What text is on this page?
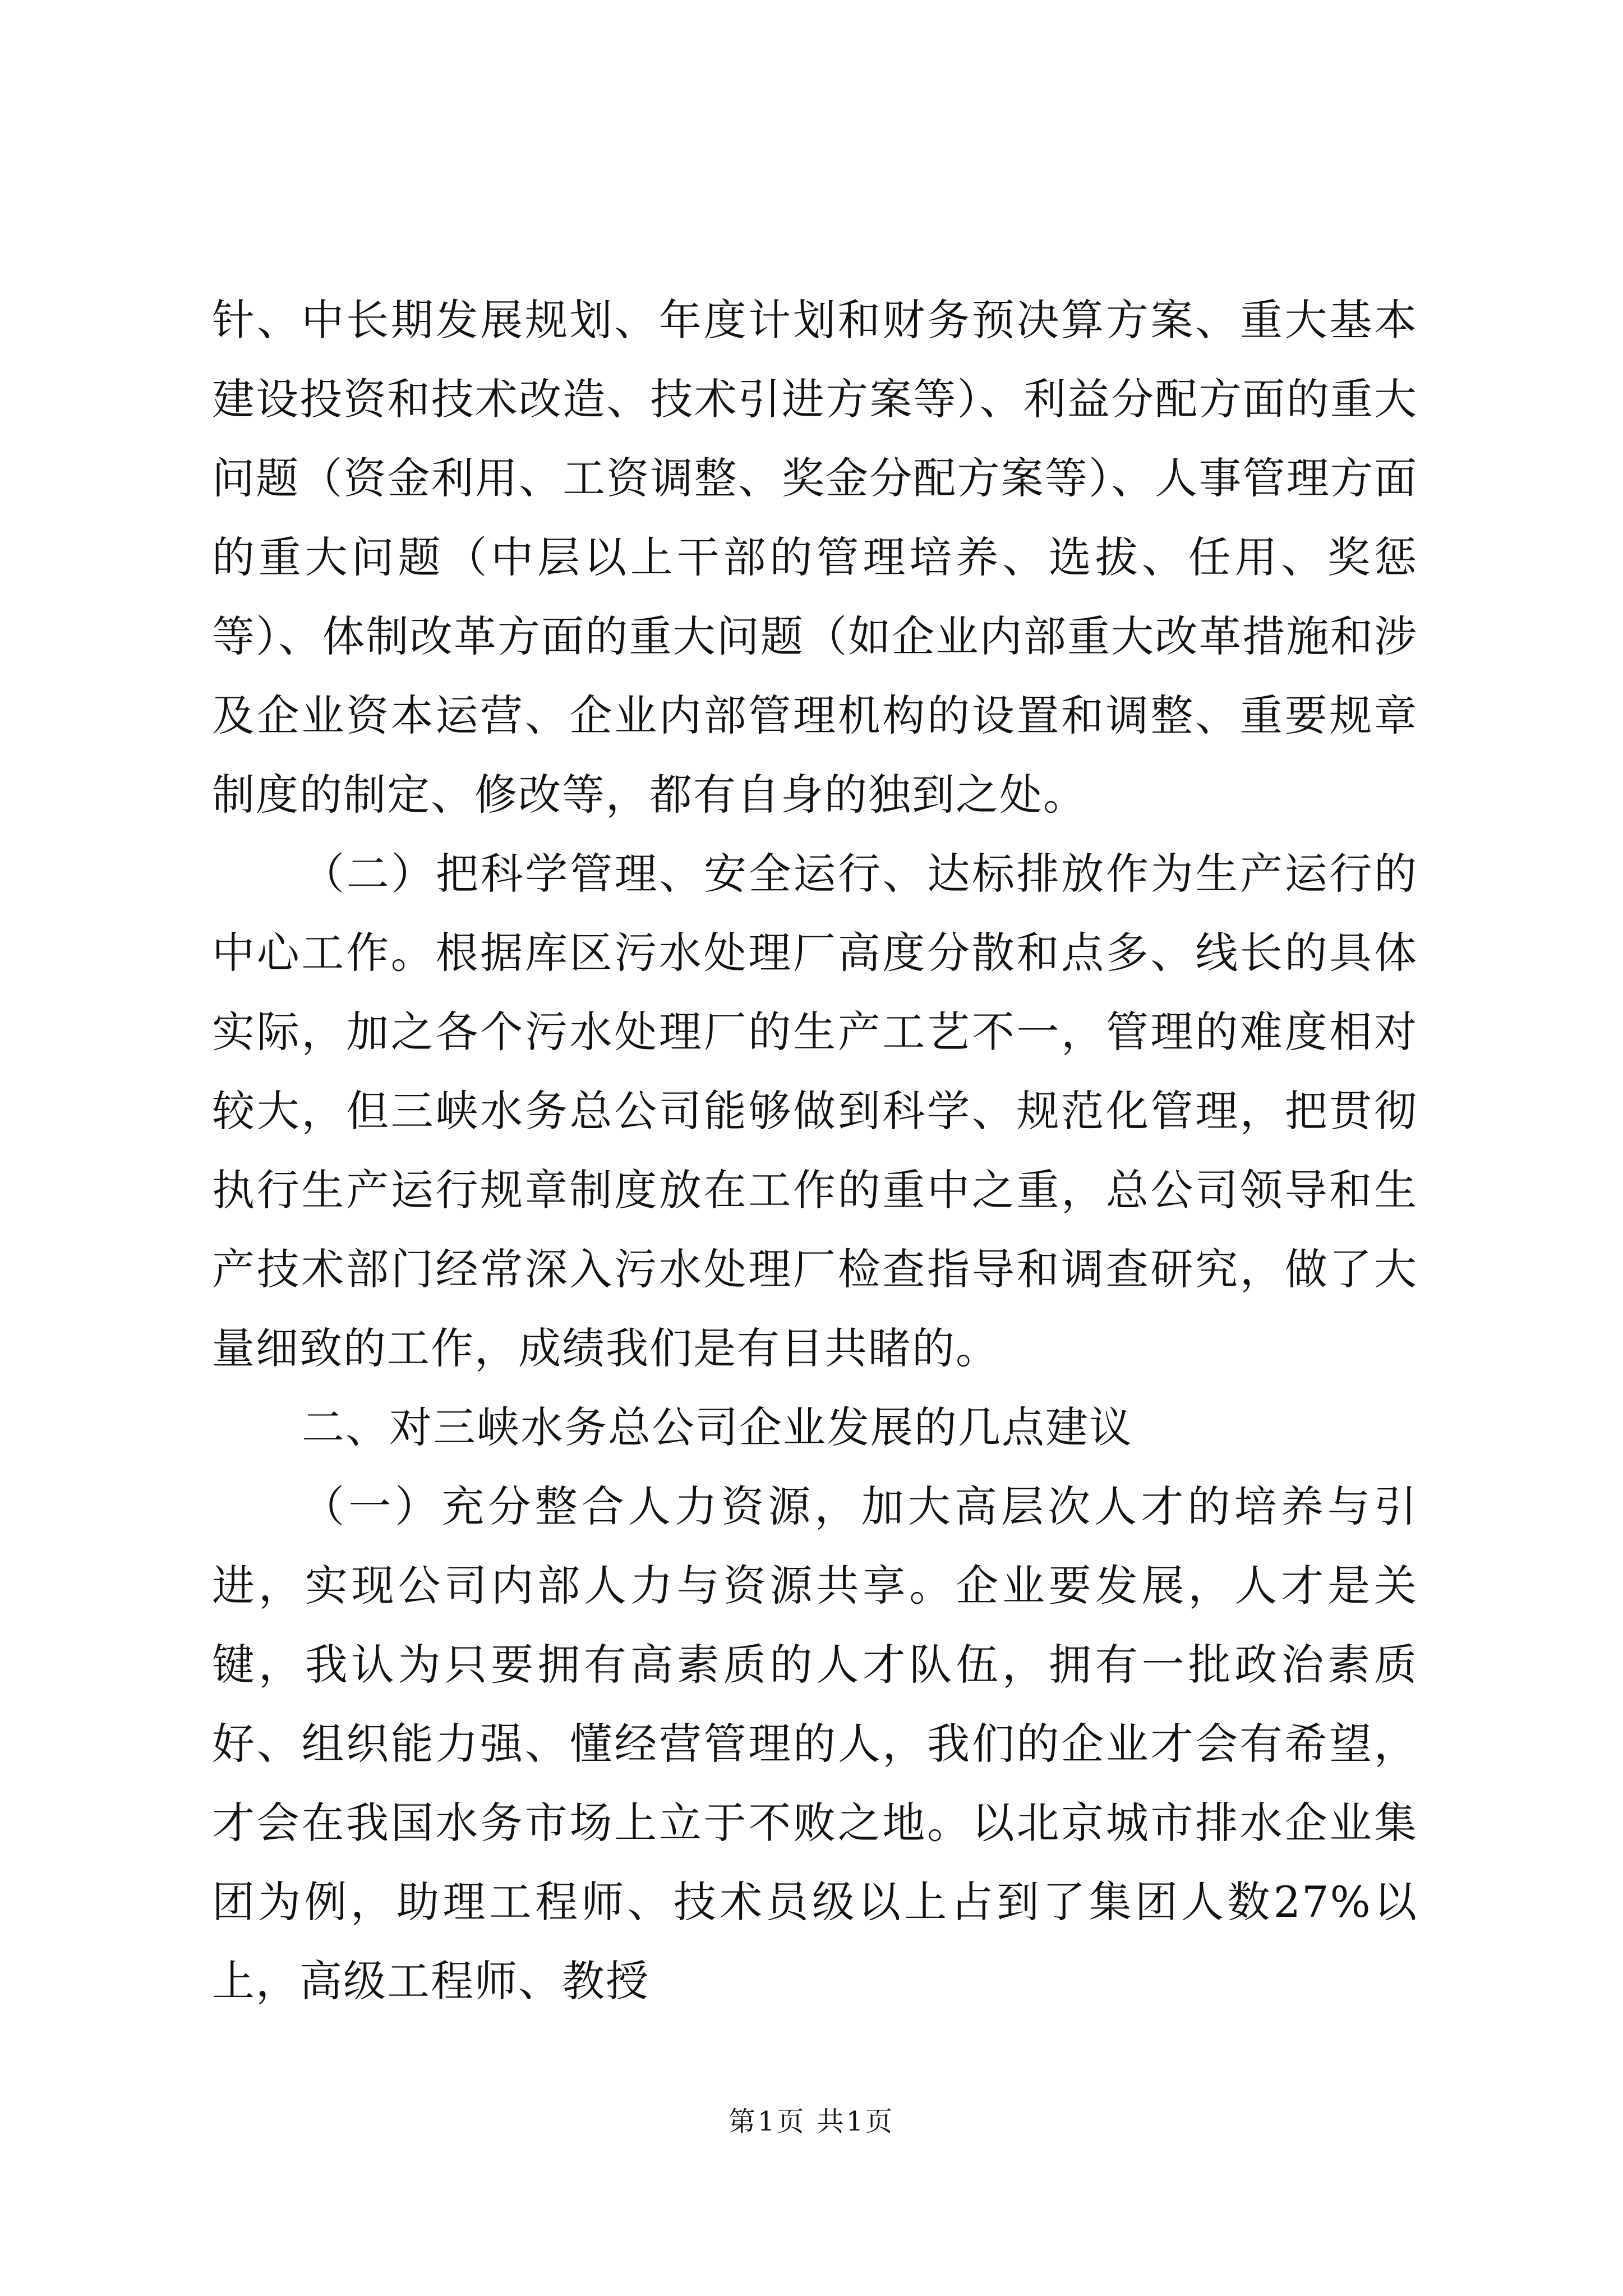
针、中长期发展规划、年度计划和财务预决算方案、重大基本建设投资和技术改造、技术引进方案等）、利益分配方面的重大问题（资金利用、工资调整、奖金分配方案等）、人事管理方面的重大问题（中层以上干部的管理培养、选拔、任用、奖惩等）、体制改革方面的重大问题（如企业内部重大改革措施和涉及企业资本运营、企业内部管理机构的设置和调整、重要规章制度的制定、修改等，都有自身的独到之处。

（二）把科学管理、安全运行、达标排放作为生产运行的中心工作。根据库区污水处理厂高度分散和点多、线长的具体实际，加之各个污水处理厂的生产工艺不一，管理的难度相对较大，但三峡水务总公司能够做到科学、规范化管理，把贯彻执行生产运行规章制度放在工作的重中之重，总公司领导和生产技术部门经常深入污水处理厂检查指导和调查研究，做了大量细致的工作，成绩我们是有目共睹的。

二、对三峡水务总公司企业发展的几点建议

（一）充分整合人力资源，加大高层次人才的培养与引进，实现公司内部人力与资源共享。企业要发展，人才是关键，我认为只要拥有高素质的人才队伍，拥有一批政治素质好、组织能力强、懂经营管理的人，我们的企业才会有希望，才会在我国水务市场上立于不败之地。以北京城市排水企业集团为例，助理工程师、技术员级以上占到了集团人数27%以上，高级工程师、教授

第1页 共1页
